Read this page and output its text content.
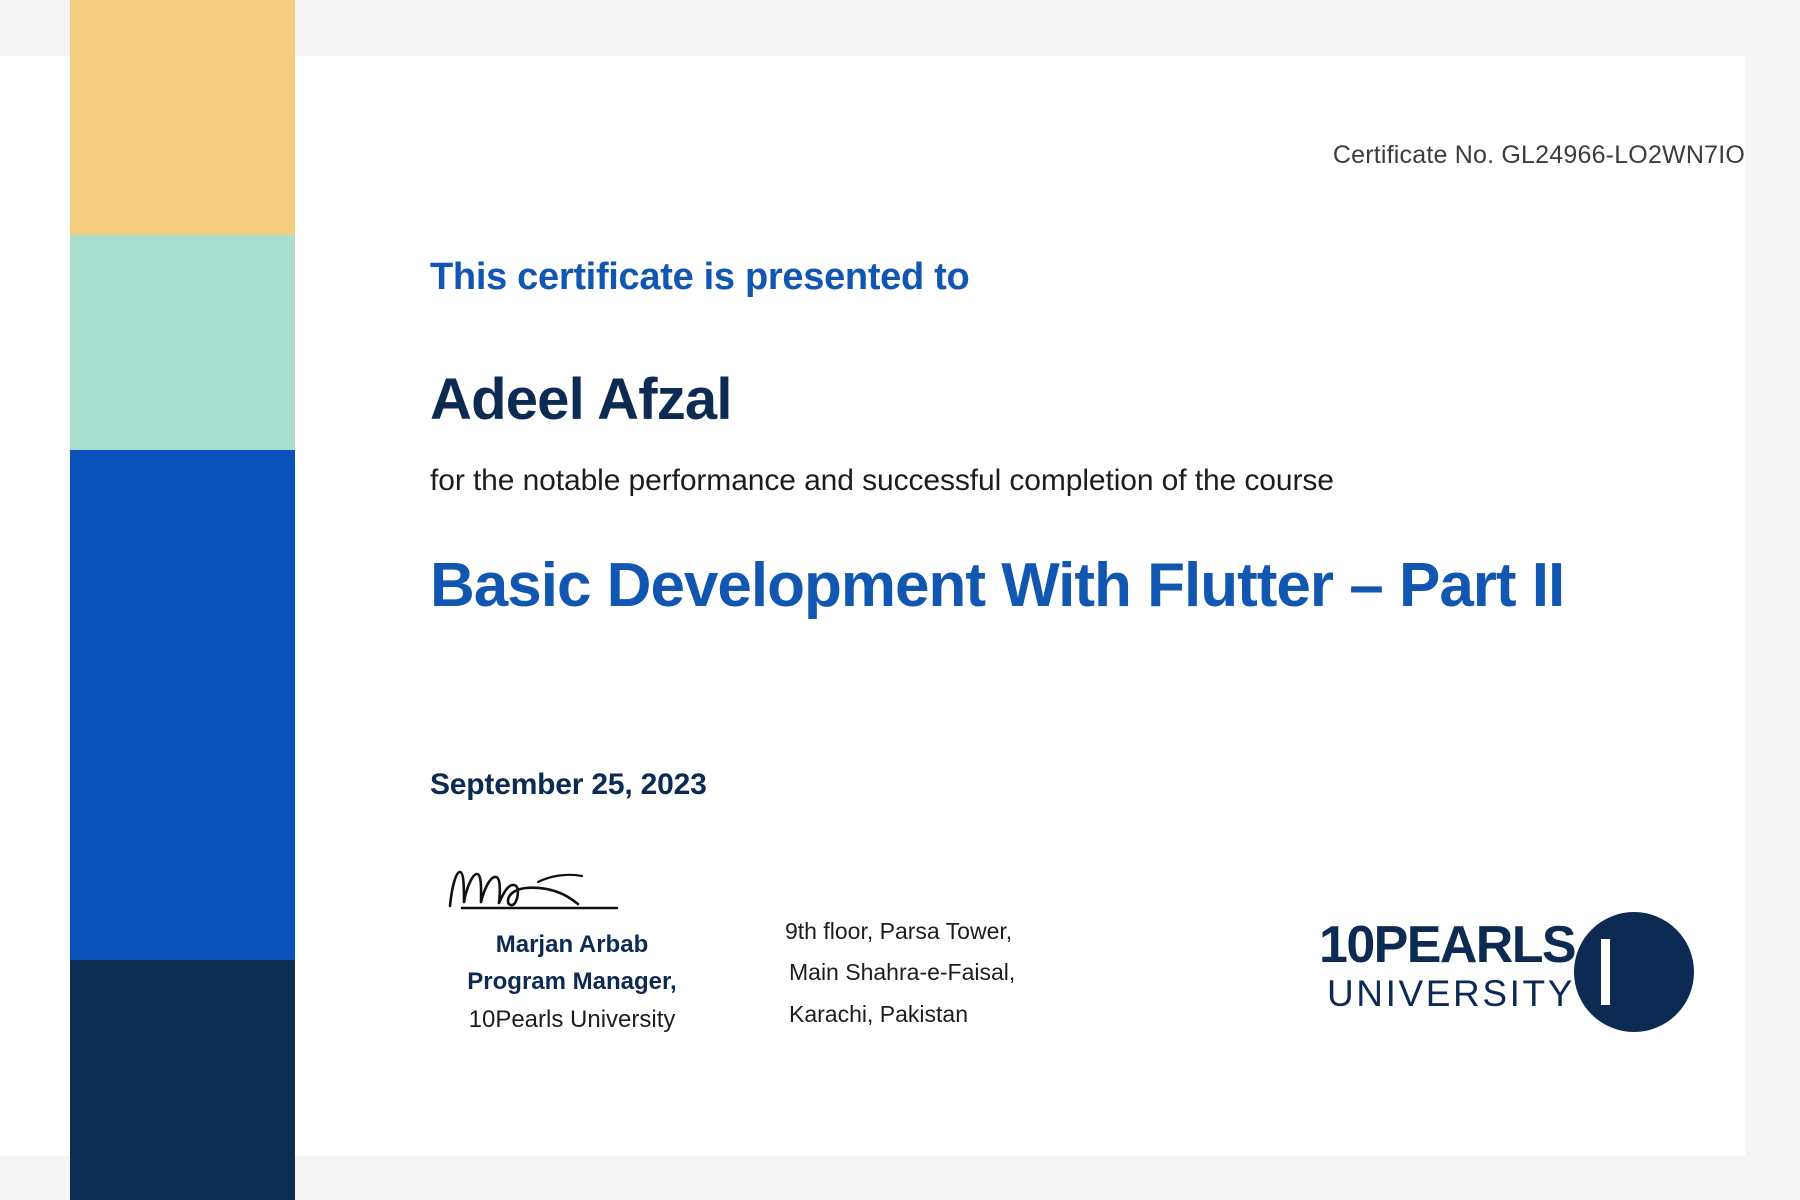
Certificate No. GL24966-LO2WN7IO
This certificate is presented to
Adeel Afzal
for the notable performance and successful completion of the course
Basic Development With Flutter – Part II
September 25, 2023
Marjan Arbab
Program Manager,
10Pearls University
9th floor, Parsa Tower,
Main Shahra-e-Faisal,
Karachi, Pakistan
10PEARLS
UNIVERSITY
